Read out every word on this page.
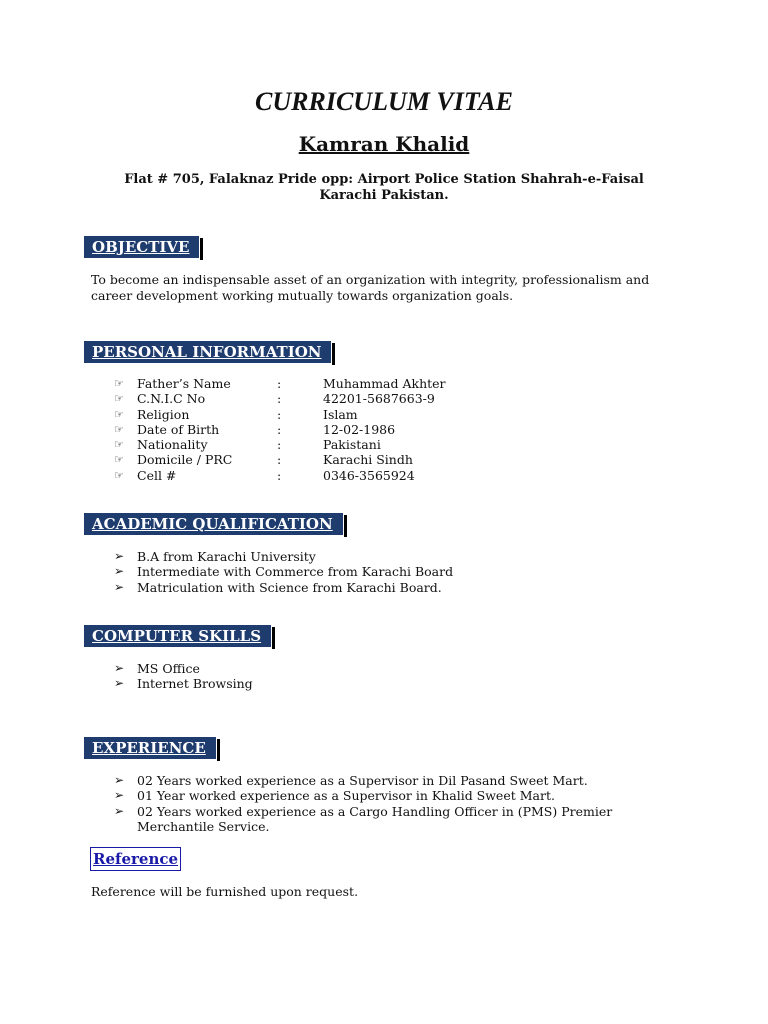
CURRICULUM VITAE
Kamran Khalid
Flat # 705, Falaknaz Pride opp: Airport Police Station Shahrah-e-Faisal
Karachi Pakistan.
OBJECTIVE
To become an indispensable asset of an organization with integrity, professionalism and career development working mutually towards organization goals.
PERSONAL INFORMATION
☞ Father’s Name	:	Muhammad Akhter
☞ C.N.I.C No	:	42201-5687663-9
☞ Religion	:	Islam
☞ Date of Birth	:	12-02-1986
☞ Nationality	:	Pakistani
☞ Domicile / PRC	:	Karachi Sindh
☞ Cell #	:	0346-3565924
ACADEMIC QUALIFICATION
➢ B.A from Karachi University
➢ Intermediate with Commerce from Karachi Board
➢ Matriculation with Science from Karachi Board.
COMPUTER SKILLS
➢ MS Office
➢ Internet Browsing
EXPERIENCE
➢ 02 Years worked experience as a Supervisor in Dil Pasand Sweet Mart.
➢ 01 Year worked experience as a Supervisor in Khalid Sweet Mart.
➢ 02 Years worked experience as a Cargo Handling Officer in (PMS) Premier Merchantile Service.
Reference
Reference will be furnished upon request.
